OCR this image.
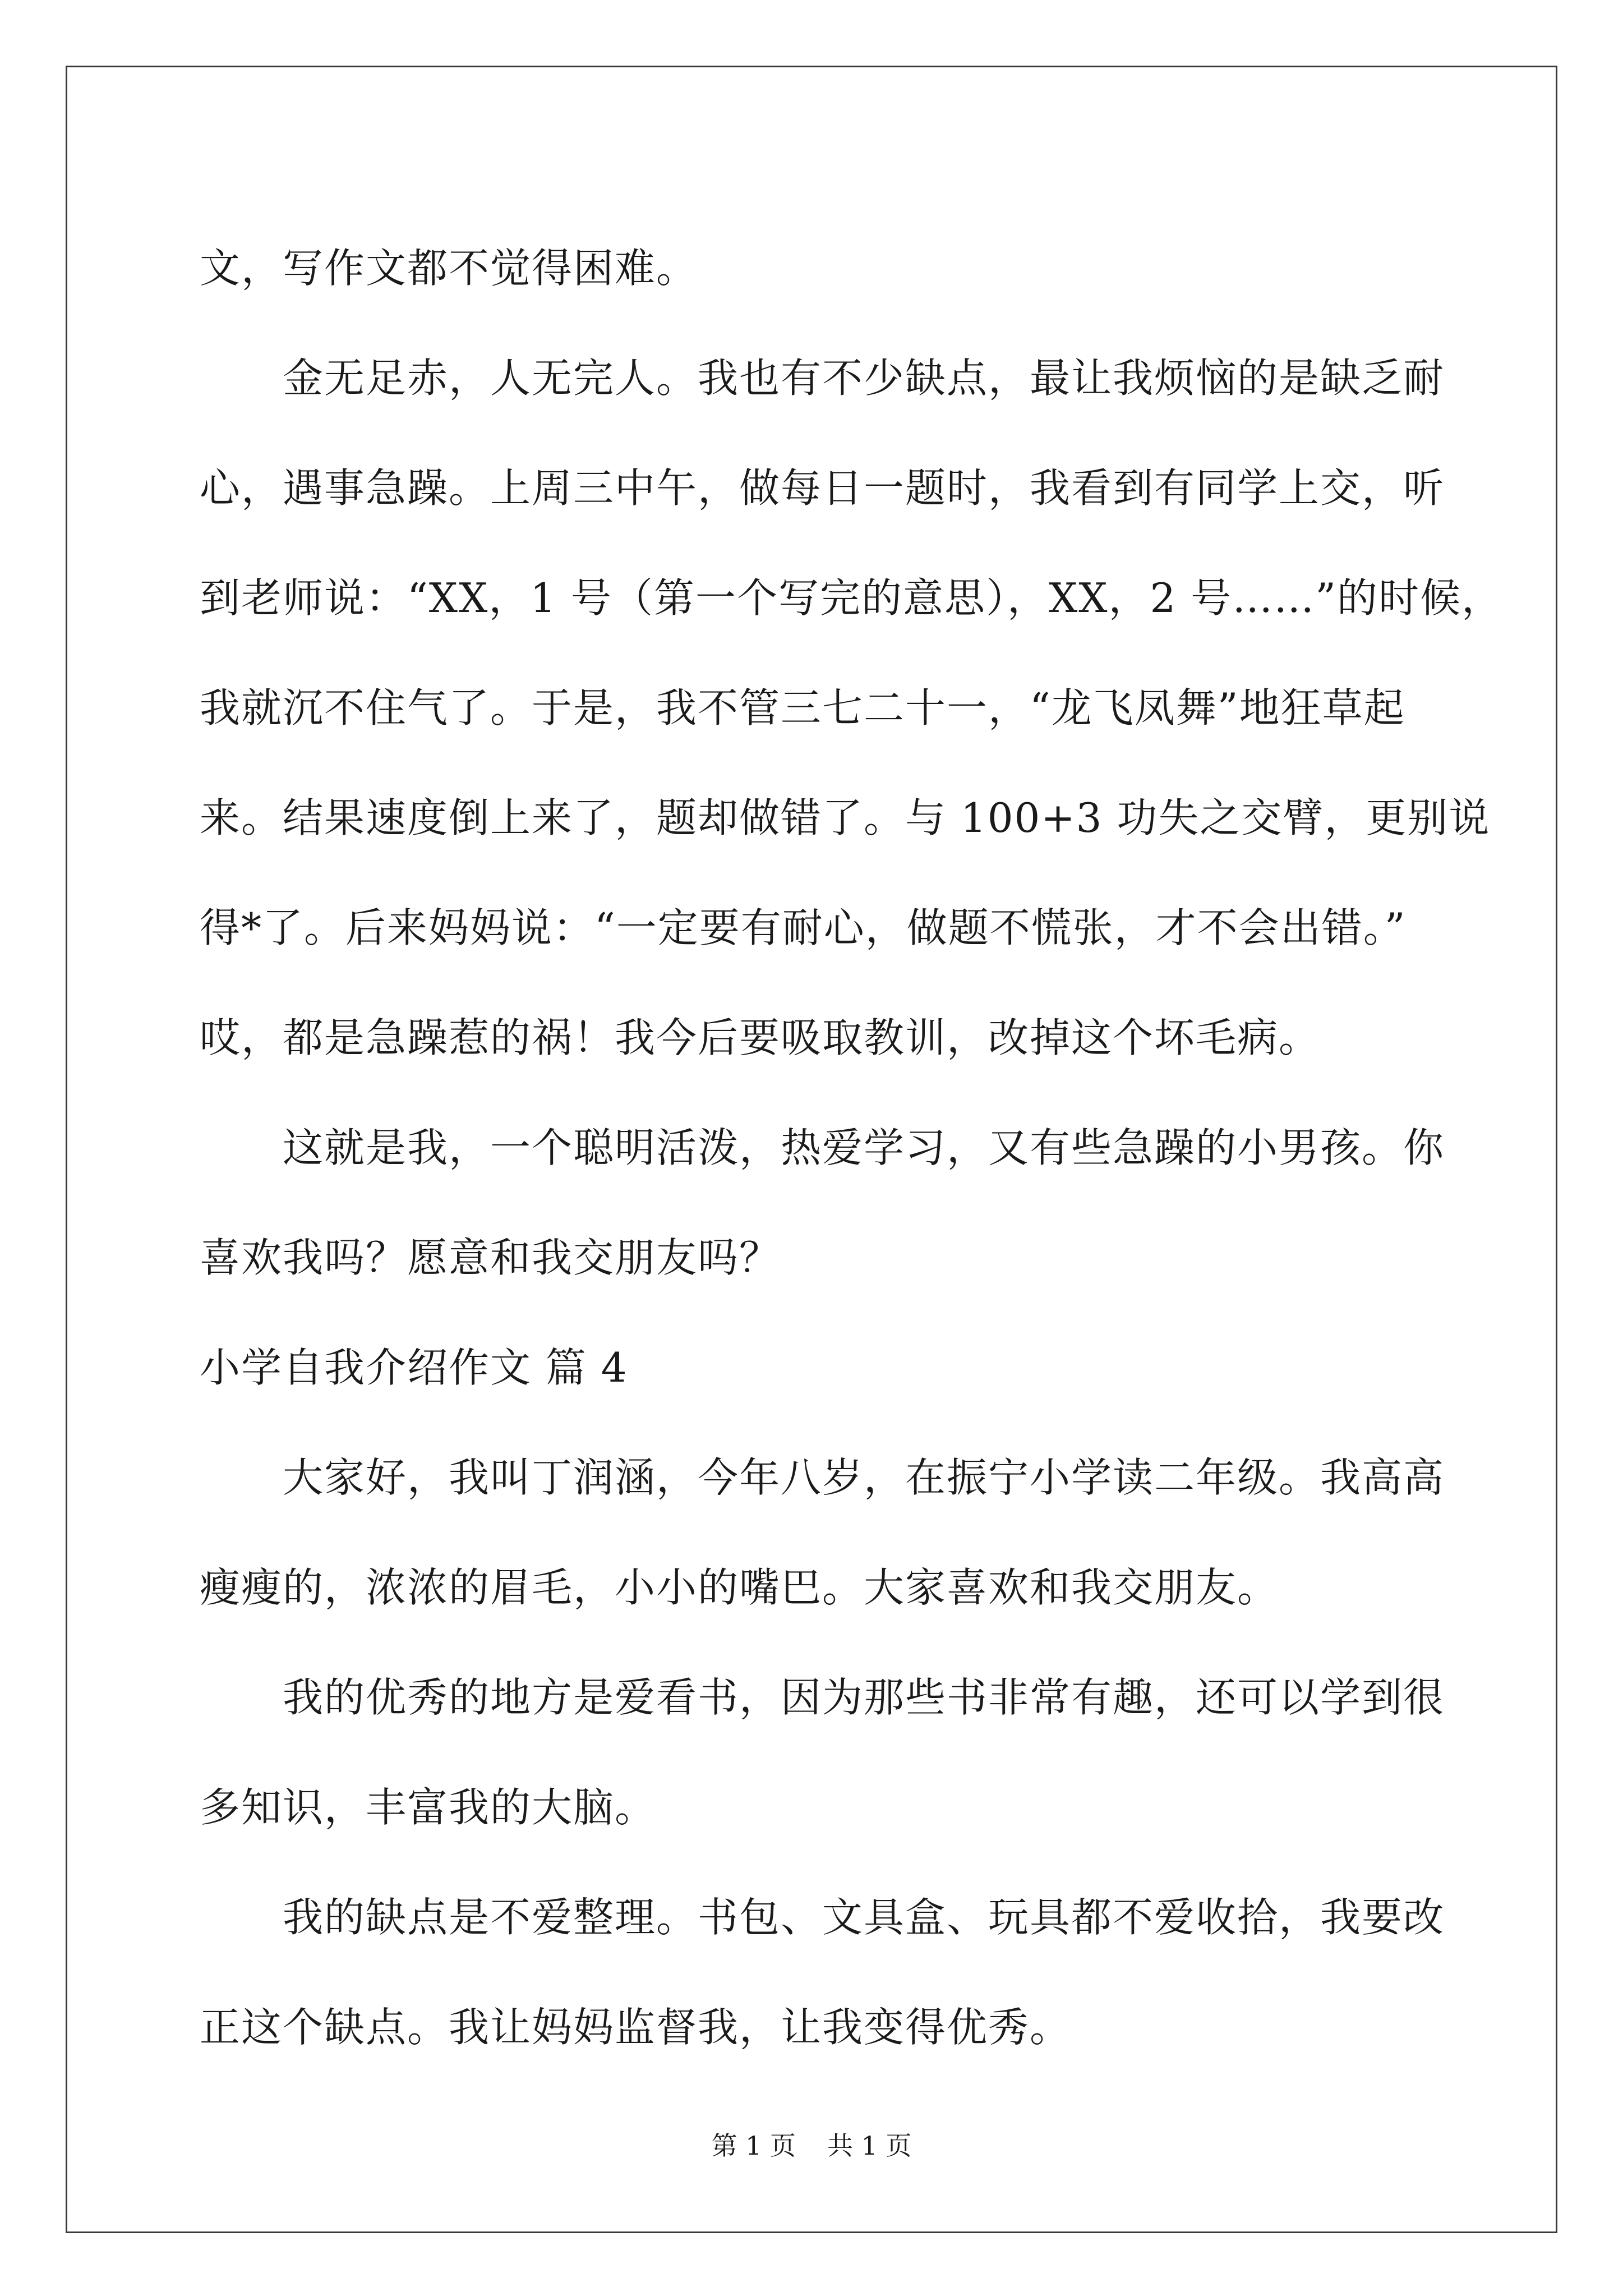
文，写作文都不觉得困难。
金无足赤，人无完人。我也有不少缺点，最让我烦恼的是缺乏耐
心，遇事急躁。上周三中午，做每日一题时，我看到有同学上交，听
到老师说：“XX，1 号（第一个写完的意思），XX，2 号……”的时候，
我就沉不住气了。于是，我不管三七二十一，“龙飞凤舞”地狂草起
来。结果速度倒上来了，题却做错了。与 100+3 功失之交臂，更别说
得*了。后来妈妈说：“一定要有耐心，做题不慌张，才不会出错。”
哎，都是急躁惹的祸！我今后要吸取教训，改掉这个坏毛病。
这就是我，一个聪明活泼，热爱学习，又有些急躁的小男孩。你
喜欢我吗？愿意和我交朋友吗？
小学自我介绍作文 篇 4
大家好，我叫丁润涵，今年八岁，在振宁小学读二年级。我高高
瘦瘦的，浓浓的眉毛，小小的嘴巴。大家喜欢和我交朋友。
我的优秀的地方是爱看书，因为那些书非常有趣，还可以学到很
多知识，丰富我的大脑。
我的缺点是不爱整理。书包、文具盒、玩具都不爱收拾，我要改
正这个缺点。我让妈妈监督我，让我变得优秀。
第 1 页 共 1 页
